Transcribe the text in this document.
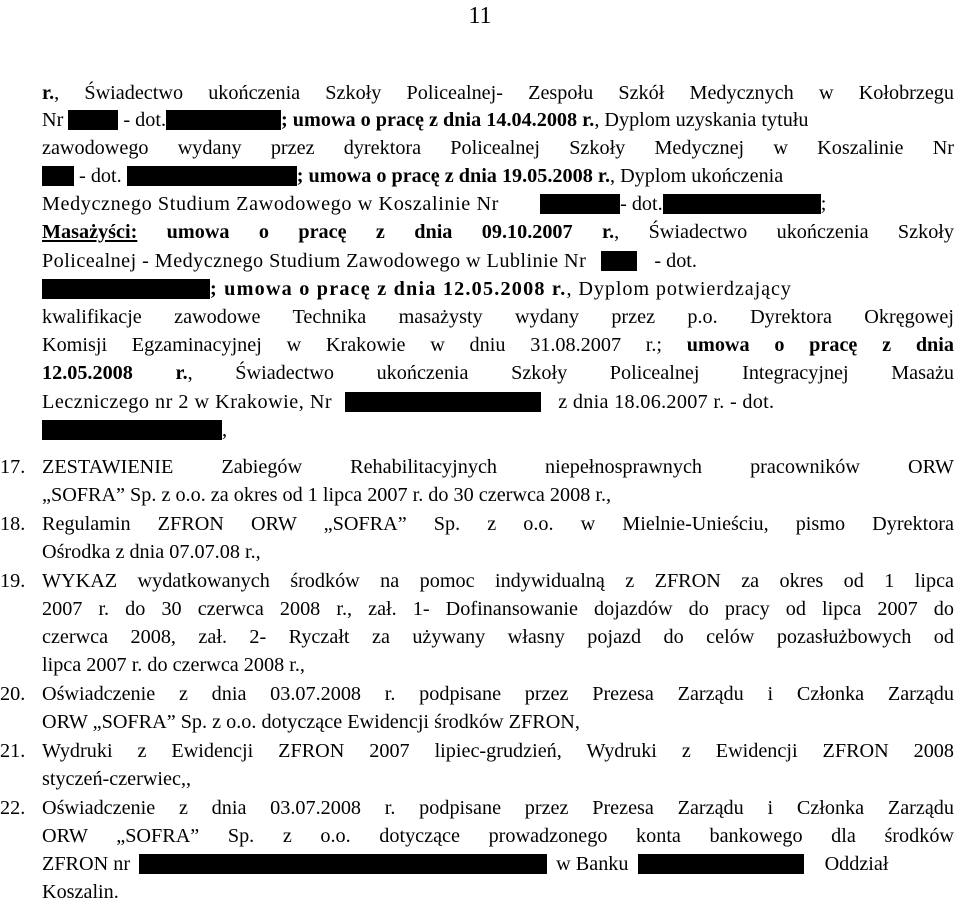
11
r., Świadectwo ukończenia Szkoły Policealnej- Zespołu Szkół Medycznych w Kołobrzegu
Nr	- dot.	; umowa o pracę z dnia 14.04.2008 r., Dyplom uzyskania tytułu
zawodowego wydany przez dyrektora Policealnej Szkoły Medycznej w Koszalinie Nr
- dot.	; umowa o pracę z dnia 19.05.2008 r., Dyplom ukończenia
Medycznego Studium Zawodowego w Koszalinie Nr	- dot.	;
Masażyści: umowa o pracę z dnia 09.10.2007 r., Świadectwo ukończenia Szkoły
Policealnej - Medycznego Studium Zawodowego w Lublinie Nr	- dot.
; umowa o pracę z dnia 12.05.2008 r., Dyplom potwierdzający
kwalifikacje zawodowe Technika masażysty wydany przez p.o. Dyrektora Okręgowej
Komisji Egzaminacyjnej w Krakowie w dniu 31.08.2007 r.; umowa o pracę z dnia
12.05.2008 r., Świadectwo ukończenia Szkoły Policealnej Integracyjnej Masażu
Leczniczego nr 2 w Krakowie, Nr	z dnia 18.06.2007 r. - dot.
,
17. ZESTAWIENIE Zabiegów Rehabilitacyjnych niepełnosprawnych pracowników ORW
„SOFRA” Sp. z o.o. za okres od 1 lipca 2007 r. do 30 czerwca 2008 r.,
18. Regulamin ZFRON ORW „SOFRA” Sp. z o.o. w Mielnie-Unieściu, pismo Dyrektora
Ośrodka z dnia 07.07.08 r.,
19. WYKAZ wydatkowanych środków na pomoc indywidualną z ZFRON za okres od 1 lipca
2007 r. do 30 czerwca 2008 r., zał. 1- Dofinansowanie dojazdów do pracy od lipca 2007 do
czerwca 2008, zał. 2- Ryczałt za używany własny pojazd do celów pozasłużbowych od
lipca 2007 r. do czerwca 2008 r.,
20. Oświadczenie z dnia 03.07.2008 r. podpisane przez Prezesa Zarządu i Członka Zarządu
ORW „SOFRA” Sp. z o.o. dotyczące Ewidencji środków ZFRON,
21. Wydruki z Ewidencji ZFRON 2007 lipiec-grudzień, Wydruki z Ewidencji ZFRON 2008
styczeń-czerwiec,,
22. Oświadczenie z dnia 03.07.2008 r. podpisane przez Prezesa Zarządu i Członka Zarządu
ORW „SOFRA” Sp. z o.o. dotyczące prowadzonego konta bankowego dla środków
ZFRON nr	w Banku	Oddział
Koszalin.
